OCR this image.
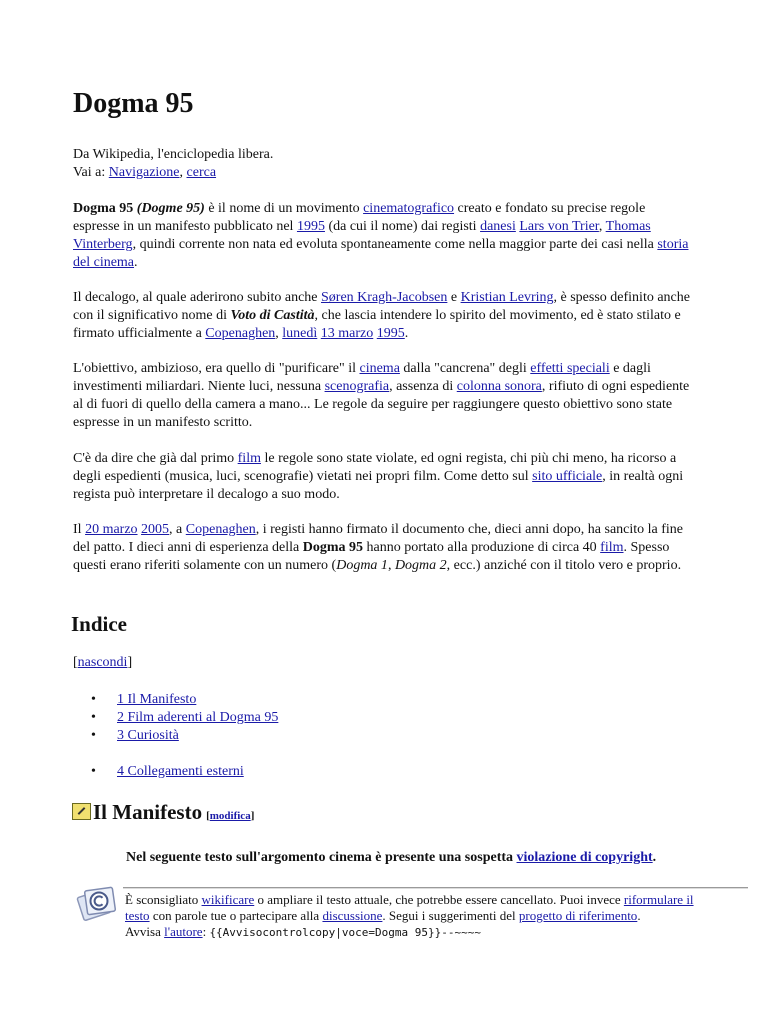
Dogma 95
Da Wikipedia, l'enciclopedia libera.
Vai a: Navigazione, cerca

Dogma 95 (Dogme 95) è il nome di un movimento cinematografico creato e fondato su precise regole espresse in un manifesto pubblicato nel 1995 (da cui il nome) dai registi danesi Lars von Trier, Thomas Vinterberg, quindi corrente non nata ed evoluta spontaneamente come nella maggior parte dei casi nella storia del cinema.

Il decalogo, al quale aderirono subito anche Søren Kragh-Jacobsen e Kristian Levring, è spesso definito anche con il significativo nome di Voto di Castità, che lascia intendere lo spirito del movimento, ed è stato stilato e firmato ufficialmente a Copenaghen, lunedì 13 marzo 1995.

L'obiettivo, ambizioso, era quello di "purificare" il cinema dalla "cancrena" degli effetti speciali e dagli investimenti miliardari. Niente luci, nessuna scenografia, assenza di colonna sonora, rifiuto di ogni espediente al di fuori di quello della camera a mano... Le regole da seguire per raggiungere questo obiettivo sono state espresse in un manifesto scritto.

C'è da dire che già dal primo film le regole sono state violate, ed ogni regista, chi più chi meno, ha ricorso a degli espedienti (musica, luci, scenografie) vietati nei propri film. Come detto sul sito ufficiale, in realtà ogni regista può interpretare il decalogo a suo modo.

Il 20 marzo 2005, a Copenaghen, i registi hanno firmato il documento che, dieci anni dopo, ha sancito la fine del patto. I dieci anni di esperienza della Dogma 95 hanno portato alla produzione di circa 40 film. Spesso questi erano riferiti solamente con un numero (Dogma 1, Dogma 2, ecc.) anziché con il titolo vero e proprio.

Indice
[nascondi]
• 1 Il Manifesto
• 2 Film aderenti al Dogma 95
• 3 Curiosità
• 4 Collegamenti esterni
Il Manifesto [modifica]

Nel seguente testo sull'argomento cinema è presente una sospetta violazione di copyright.

È sconsigliato wikificare o ampliare il testo attuale, che potrebbe essere cancellato. Puoi invece riformulare il testo con parole tue o partecipare alla discussione. Segui i suggerimenti del progetto di riferimento.
Avvisa l'autore: {{Avvisocontrolcopy|voce=Dogma 95}}--~~~~
